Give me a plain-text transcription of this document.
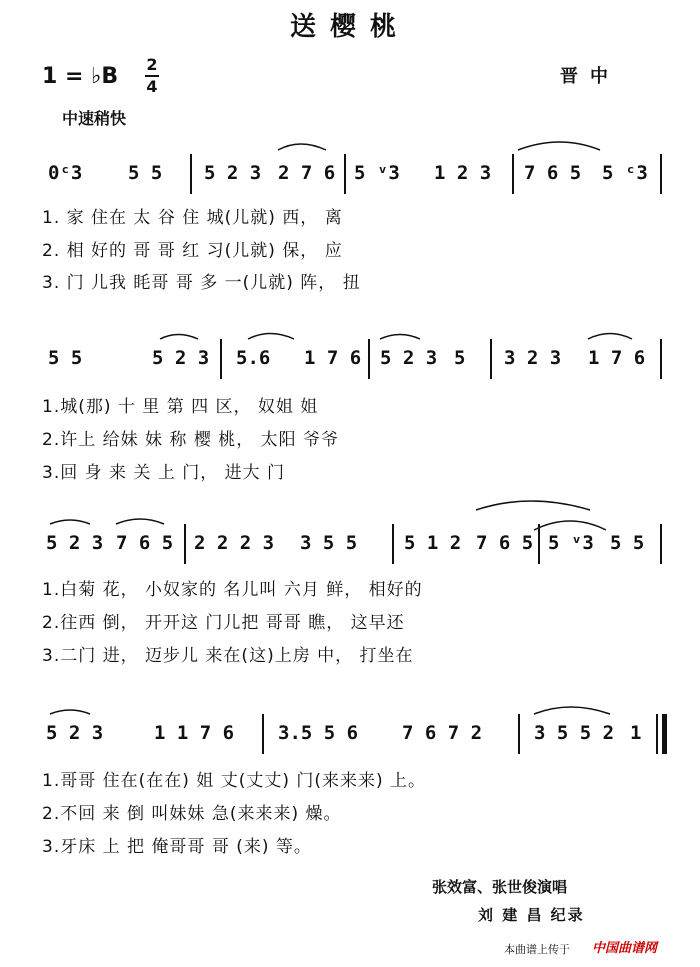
送樱桃
1 = ♭B 2
4	晋中
中速稍快
0ᶜ3 5 5 5 2 3 2 7 6 5 ᵛ3 1 2 3 7 6 5 5 ᶜ3
1. 家 住在 太 谷 住 城(儿就) 西， 离
2. 相 好的 哥 哥 红 习(儿就) 保， 应
3. 门 儿我 眊哥 哥 多 一(儿就) 阵， 扭
5 5	5 2 3 5.6 1 7 6 5 2 3 5 3 2 3 1 7 6
1.城(那) 十 里 第 四 区， 奴姐 姐
2.许上 给妹 妹 称 樱 桃， 太阳 爷爷
3.回 身 来 关 上 门， 进大 门
5 2 3 7 6 5 2 2 2 3 3 5 5 5 1 2 7 6 5 5 ᵛ3 5 5
1.白菊 花， 小奴家的 名儿叫 六月 鲜， 相好的
2.往西 倒， 开开这 门儿把 哥哥 瞧， 这早还
3.二门 进， 迈步儿 来在(这)上房 中， 打坐在
5 2 3	1 1 7 6 3.5 5 6 7 6 7 2	3 5 5 2 1
1.哥哥 住在(在在) 姐 丈(丈丈) 门(来来来) 上。
2.不回 来 倒 叫妹妹 急(来来来) 燥。
3.牙床 上 把 俺哥哥 哥 (来) 等。
张效富、张世俊演唱
刘 建 昌 纪录
本曲谱上传于 中国曲谱网
